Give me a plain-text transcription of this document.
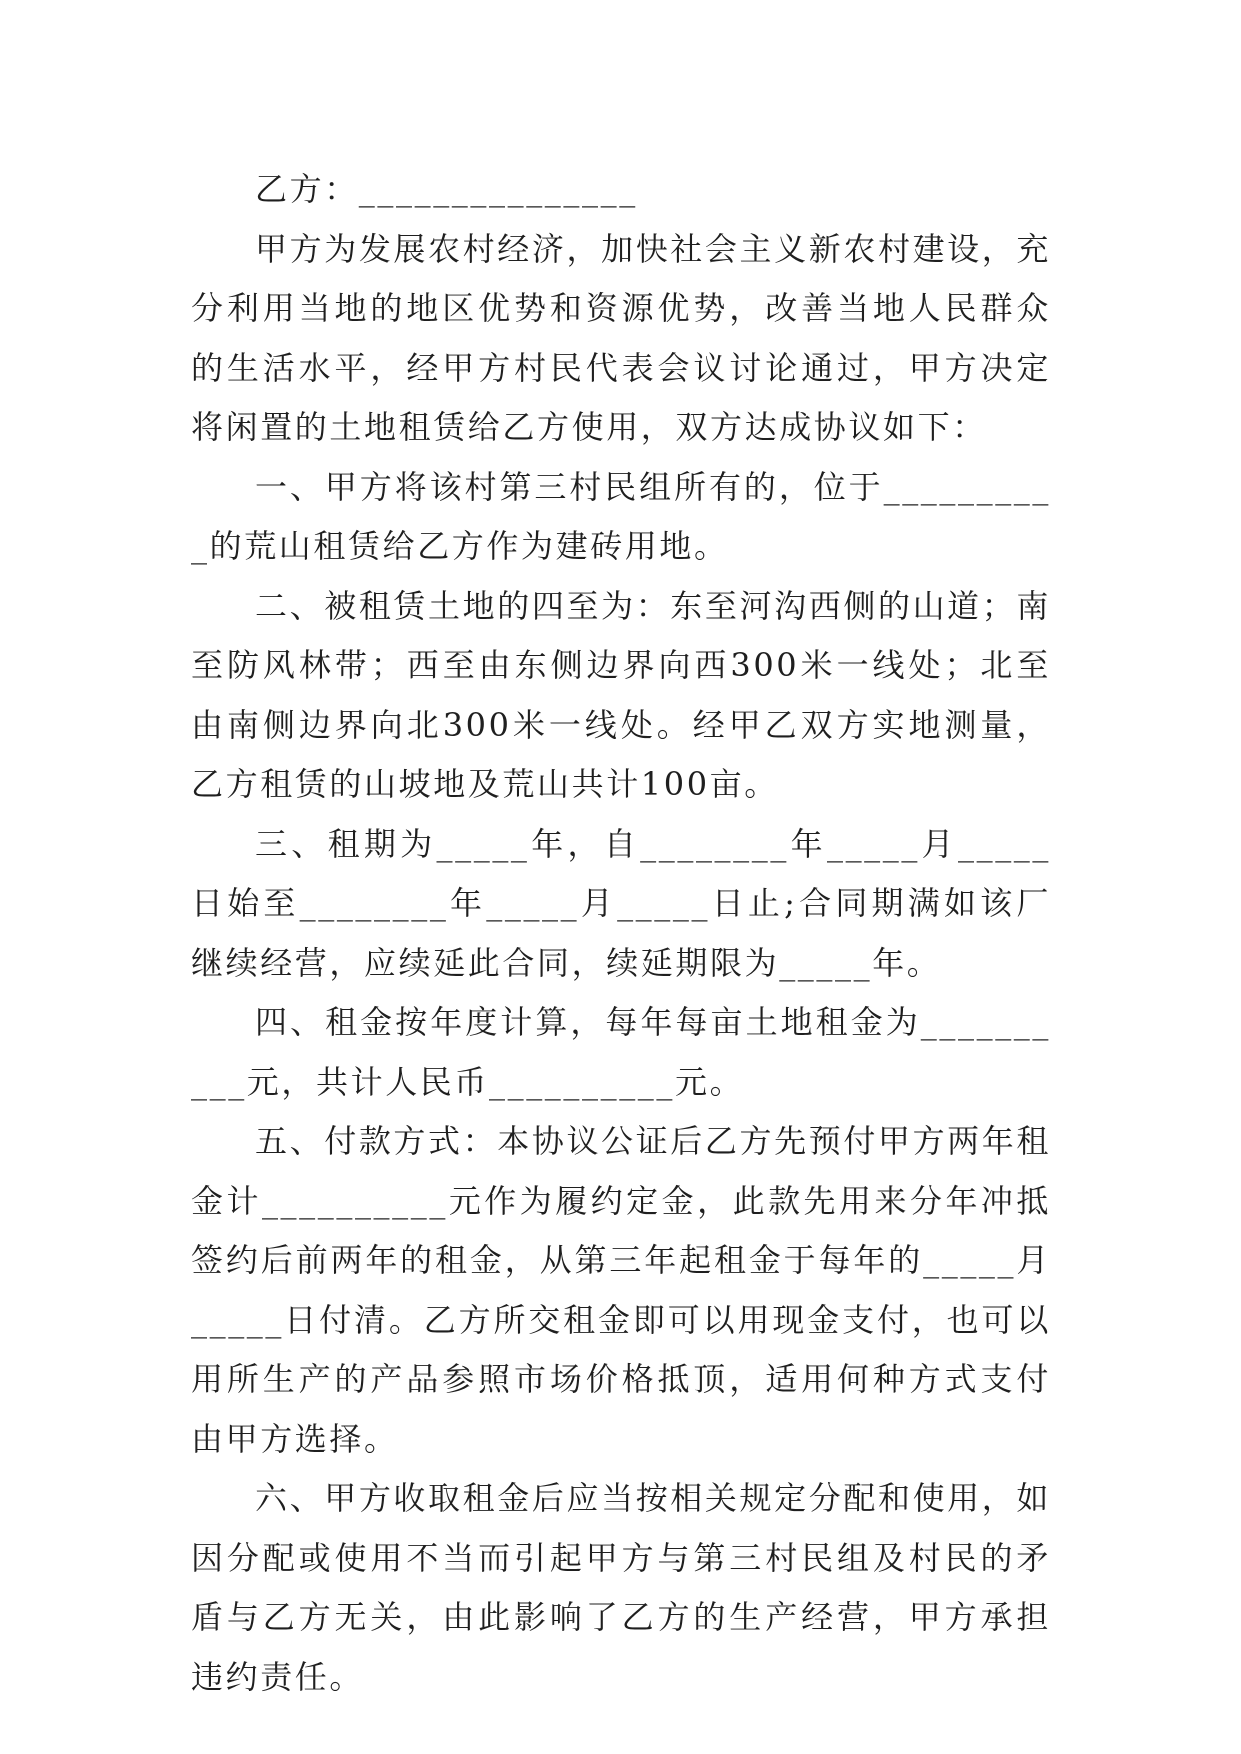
乙方：_______________

甲方为发展农村经济，加快社会主义新农村建设，充分利用当地的地区优势和资源优势，改善当地人民群众的生活水平，经甲方村民代表会议讨论通过，甲方决定将闲置的土地租赁给乙方使用，双方达成协议如下：

一、甲方将该村第三村民组所有的，位于__________的荒山租赁给乙方作为建砖用地。

二、被租赁土地的四至为：东至河沟西侧的山道；南至防风林带；西至由东侧边界向西300米一线处；北至由南侧边界向北300米一线处。经甲乙双方实地测量，乙方租赁的山坡地及荒山共计100亩。

三、租期为_____年，自________年_____月_____日始至________年_____月_____日止;合同期满如该厂继续经营，应续延此合同，续延期限为_____年。

四、租金按年度计算，每年每亩土地租金为__________元，共计人民币__________元。

五、付款方式：本协议公证后乙方先预付甲方两年租金计__________元作为履约定金，此款先用来分年冲抵签约后前两年的租金，从第三年起租金于每年的_____月_____日付清。乙方所交租金即可以用现金支付，也可以用所生产的产品参照市场价格抵顶，适用何种方式支付由甲方选择。

六、甲方收取租金后应当按相关规定分配和使用，如因分配或使用不当而引起甲方与第三村民组及村民的矛盾与乙方无关，由此影响了乙方的生产经营，甲方承担违约责任。
